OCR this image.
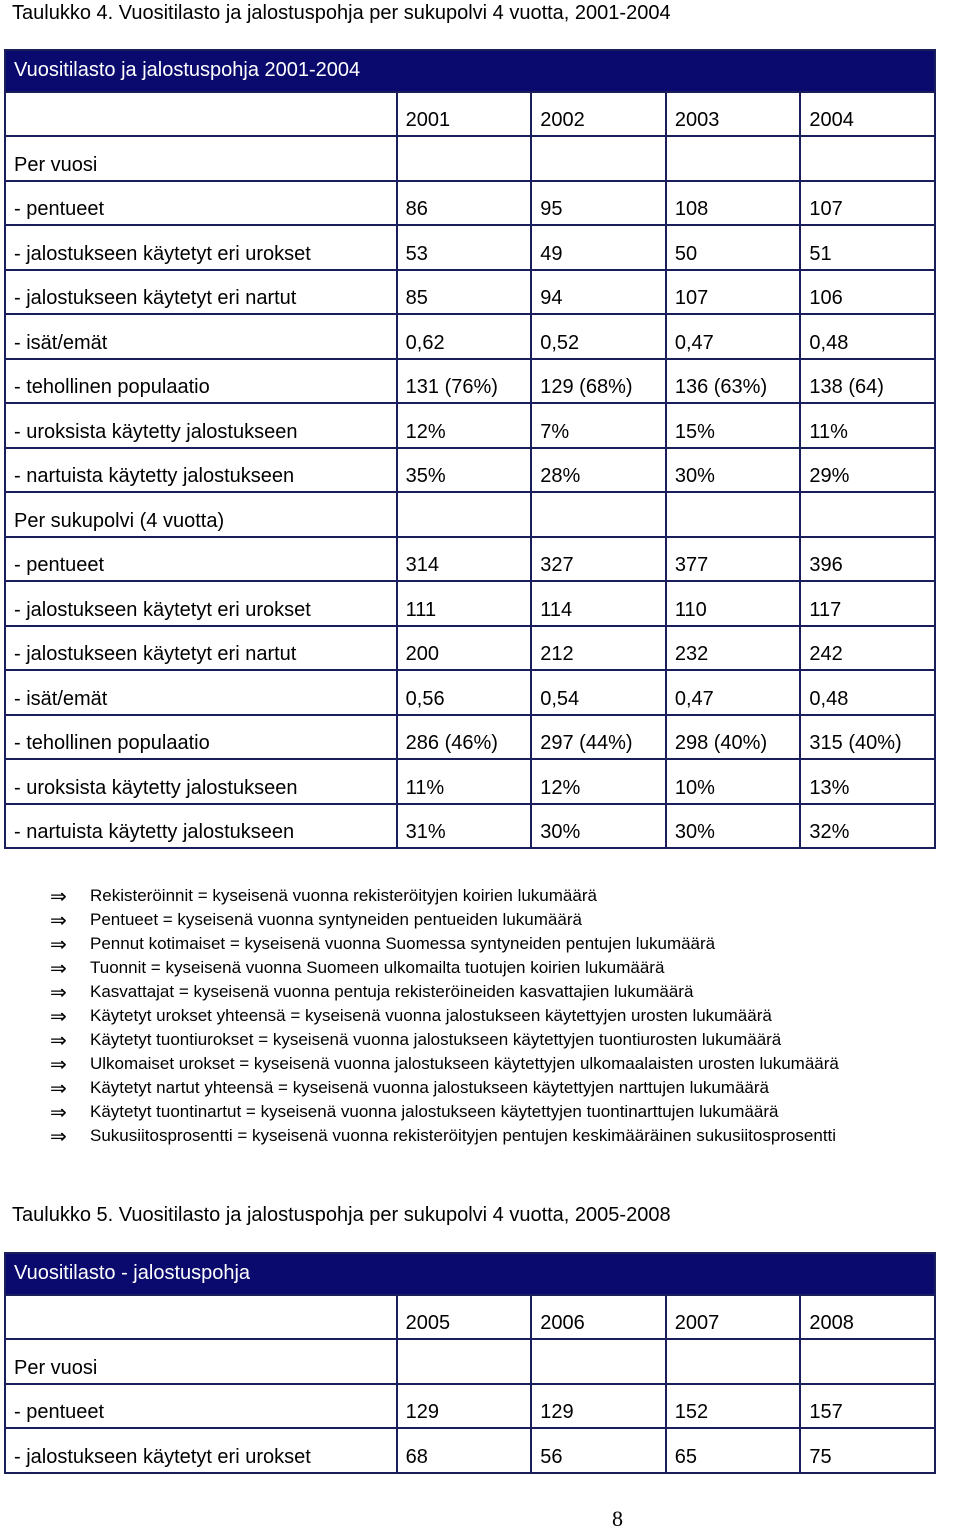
Taulukko 4. Vuositilasto ja jalostuspohja per sukupolvi 4 vuotta, 2001-2004
Vuositilasto ja jalostuspohja 2001-2004				
	2001	2002	2003	2004
Per vuosi				
- pentueet	86	95	108	107
- jalostukseen käytetyt eri urokset	53	49	50	51
- jalostukseen käytetyt eri nartut	85	94	107	106
- isät/emät	0,62	0,52	0,47	0,48
- tehollinen populaatio	131 (76%)	129 (68%)	136 (63%)	138 (64)
- uroksista käytetty jalostukseen	12%	7%	15%	11%
- nartuista käytetty jalostukseen	35%	28%	30%	29%
Per sukupolvi (4 vuotta)				
- pentueet	314	327	377	396
- jalostukseen käytetyt eri urokset	111	114	110	117
- jalostukseen käytetyt eri nartut	200	212	232	242
- isät/emät	0,56	0,54	0,47	0,48
- tehollinen populaatio	286 (46%)	297 (44%)	298 (40%)	315 (40%)
- uroksista käytetty jalostukseen	11%	12%	10%	13%
- nartuista käytetty jalostukseen	31%	30%	30%	32%
⇒	Rekisteröinnit = kyseisenä vuonna rekisteröityjen koirien lukumäärä
⇒	Pentueet = kyseisenä vuonna syntyneiden pentueiden lukumäärä
⇒	Pennut kotimaiset = kyseisenä vuonna Suomessa syntyneiden pentujen lukumäärä
⇒	Tuonnit = kyseisenä vuonna Suomeen ulkomailta tuotujen koirien lukumäärä
⇒	Kasvattajat = kyseisenä vuonna pentuja rekisteröineiden kasvattajien lukumäärä
⇒	Käytetyt urokset yhteensä = kyseisenä vuonna jalostukseen käytettyjen urosten lukumäärä
⇒	Käytetyt tuontiurokset = kyseisenä vuonna jalostukseen käytettyjen tuontiurosten lukumäärä
⇒	Ulkomaiset urokset = kyseisenä vuonna jalostukseen käytettyjen ulkomaalaisten urosten lukumäärä
⇒	Käytetyt nartut yhteensä = kyseisenä vuonna jalostukseen käytettyjen narttujen lukumäärä
⇒	Käytetyt tuontinartut = kyseisenä vuonna jalostukseen käytettyjen tuontinarttujen lukumäärä
⇒	Sukusiitosprosentti = kyseisenä vuonna rekisteröityjen pentujen keskimääräinen sukusiitosprosentti
Taulukko 5. Vuositilasto ja jalostuspohja per sukupolvi 4 vuotta, 2005-2008
Vuositilasto - jalostuspohja				
	2005	2006	2007	2008
Per vuosi				
- pentueet	129	129	152	157
- jalostukseen käytetyt eri urokset	68	56	65	75
8
